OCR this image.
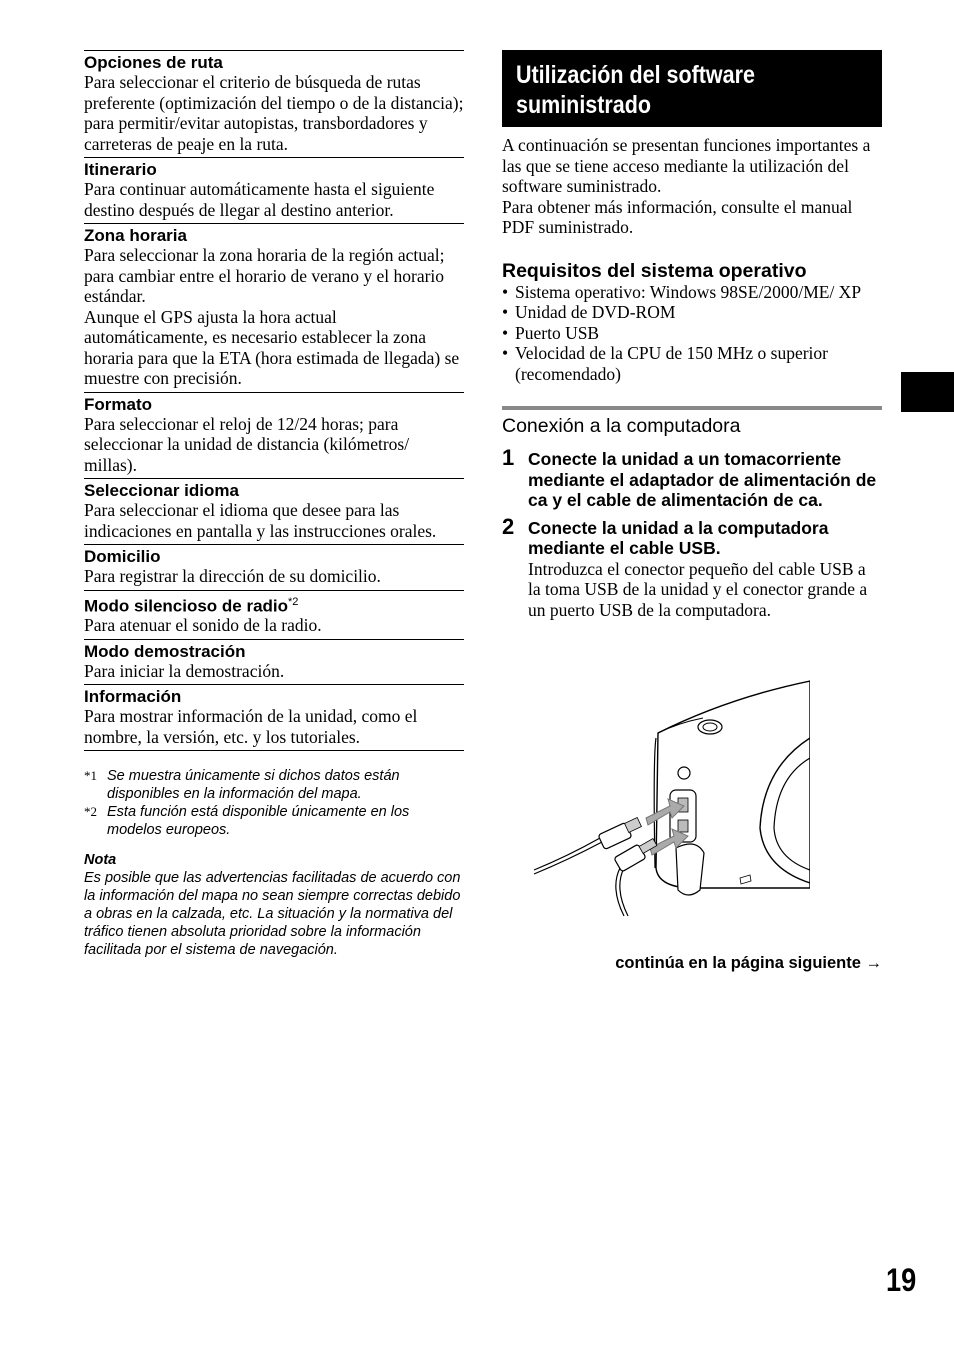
Opciones de ruta

Para seleccionar el criterio de búsqueda de rutas preferente (optimización del tiempo o de la distancia); para permitir/evitar autopistas, transbordadores y carreteras de peaje en la ruta.

Itinerario

Para continuar automáticamente hasta el siguiente destino después de llegar al destino anterior.

Zona horaria

Para seleccionar la zona horaria de la región actual; para cambiar entre el horario de verano y el horario estándar.

Aunque el GPS ajusta la hora actual automáticamente, es necesario establecer la zona horaria para que la ETA (hora estimada de llegada) se muestre con precisión.

Formato

Para seleccionar el reloj de 12/24 horas; para seleccionar la unidad de distancia (kilómetros/ millas).

Seleccionar idioma

Para seleccionar el idioma que desee para las indicaciones en pantalla y las instrucciones orales.

Domicilio

Para registrar la dirección de su domicilio.

Modo silencioso de radio$^{*2}$

Para atenuar el sonido de la radio.

Modo demostración

Para iniciar la demostración.

Información

Para mostrar información de la unidad, como el nombre, la versión, etc. y los tutoriales.

*1 Se muestra únicamente si dichos datos están disponibles en la información del mapa.
*2 Esta función está disponible únicamente en los modelos europeos.
Nota
Es posible que las advertencias facilitadas de acuerdo con la información del mapa no sean siempre correctas debido a obras en la calzada, etc. La situación y la normativa del tráfico tienen absoluta prioridad sobre la información facilitada por el sistema de navegación.
Utilización del software
suministrado

A continuación se presentan funciones importantes a las que se tiene acceso mediante la utilización del software suministrado.

Para obtener más información, consulte el manual PDF suministrado.

Requisitos del sistema operativo
• Sistema operativo: Windows 98SE/2000/ME/ XP
• Unidad de DVD-ROM
• Puerto USB
• Velocidad de la CPU de 150 MHz o superior (recomendado)
Conexión a la computadora
1 Conecte la unidad a un tomacorriente mediante el adaptador de alimentación de ca y el cable de alimentación de ca.
2 Conecte la unidad a la computadora mediante el cable USB.
Introduzca el conector pequeño del cable USB a la toma USB de la unidad y el conector grande a un puerto USB de la computadora.
continúa en la página siguiente →
19
